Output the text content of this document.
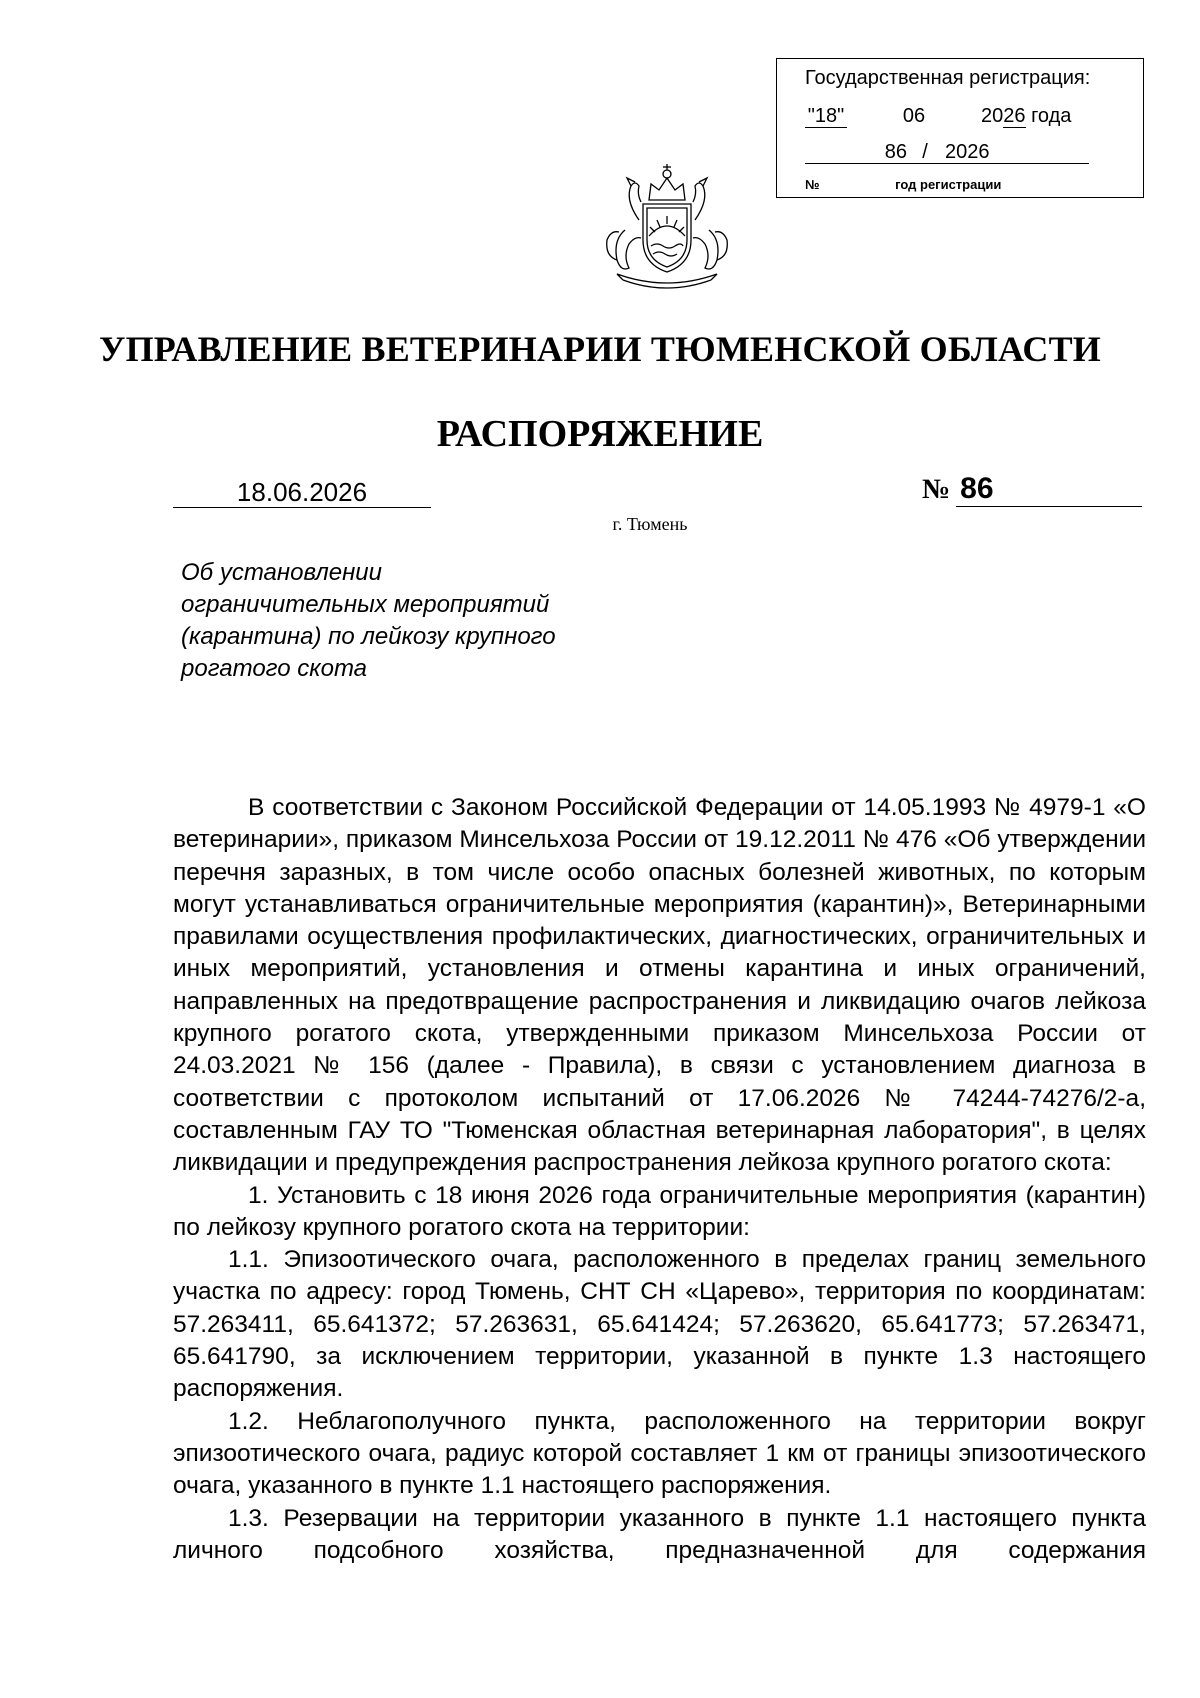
Государственная регистрация:
"18"	06	2026 года
86 / 2026
№	год регистрации
УПРАВЛЕНИЕ ВЕТЕРИНАРИИ ТЮМЕНСКОЙ ОБЛАСТИ
РАСПОРЯЖЕНИЕ
18.06.2026
г. Тюмень
№ 86
Об установлении
ограничительных мероприятий
(карантина) по лейкозу крупного
рогатого скота

В соответствии с Законом Российской Федерации от 14.05.1993 № 4979-1 «О ветеринарии», приказом Минсельхоза России от 19.12.2011 № 476 «Об утверждении перечня заразных, в том числе особо опасных болезней животных, по которым могут устанавливаться ограничительные мероприятия (карантин)», Ветеринарными правилами осуществления профилактических, диагностических, ограничительных и иных мероприятий, установления и отмены карантина и иных ограничений, направленных на предотвращение распространения и ликвидацию очагов лейкоза крупного рогатого скота, утвержденными приказом Минсельхоза России от 24.03.2021 № 156 (далее - Правила), в связи с установлением диагноза в соответствии с протоколом испытаний от 17.06.2026 № 74244-74276/2-а, составленным ГАУ ТО "Тюменская областная ветеринарная лаборатория", в целях ликвидации и предупреждения распространения лейкоза крупного рогатого скота:

1. Установить с 18 июня 2026 года ограничительные мероприятия (карантин) по лейкозу крупного рогатого скота на территории:

1.1. Эпизоотического очага, расположенного в пределах границ земельного участка по адресу: город Тюмень, СНТ СН «Царево», территория по координатам: 57.263411, 65.641372; 57.263631, 65.641424; 57.263620, 65.641773; 57.263471, 65.641790, за исключением территории, указанной в пункте 1.3 настоящего распоряжения.

1.2. Неблагополучного пункта, расположенного на территории вокруг эпизоотического очага, радиус которой составляет 1 км от границы эпизоотического очага, указанного в пункте 1.1 настоящего распоряжения.

1.3. Резервации на территории указанного в пункте 1.1 настоящего пункта личного подсобного хозяйства, предназначенной для содержания
